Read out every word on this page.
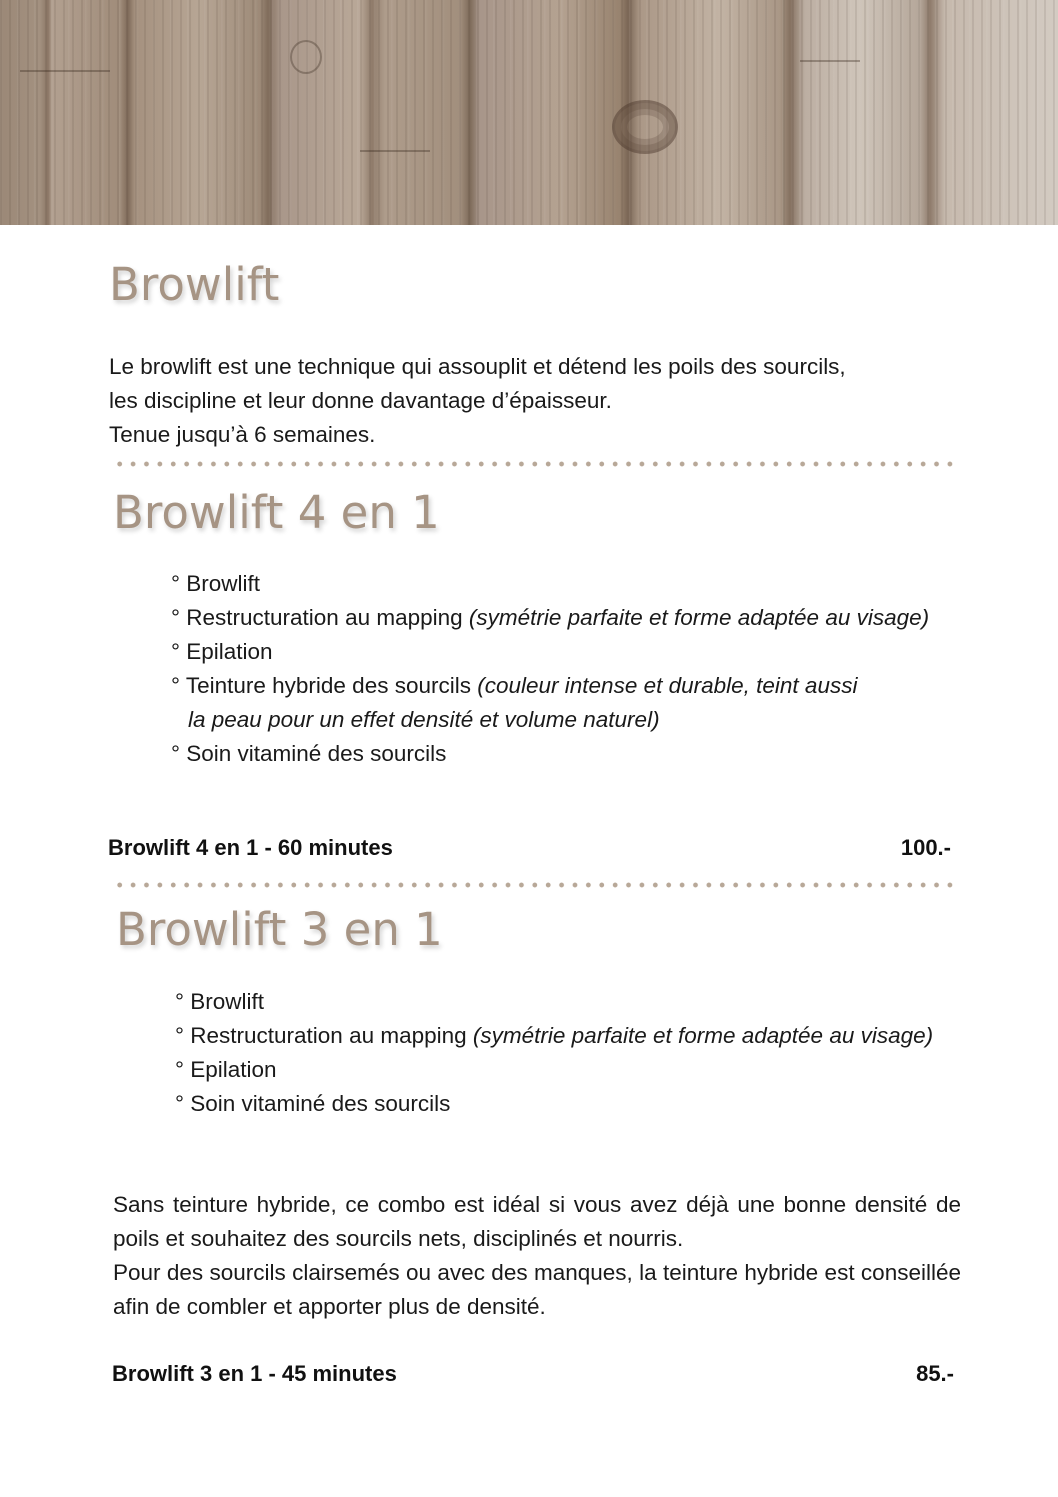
Browlift
Le browlift est une technique qui assouplit et détend les poils des sourcils,
les discipline et leur donne davantage d’épaisseur.
Tenue jusqu’à 6 semaines.
Browlift 4 en 1
° Browlift
° Restructuration au mapping (symétrie parfaite et forme adaptée au visage)
° Epilation
° Teinture hybride des sourcils (couleur intense et durable, teint aussi la peau pour un effet densité et volume naturel)
° Soin vitaminé des sourcils
Browlift 4 en 1 - 60 minutes	100.-
Browlift 3 en 1
° Browlift
° Restructuration au mapping (symétrie parfaite et forme adaptée au visage)
° Epilation
° Soin vitaminé des sourcils
Sans teinture hybride, ce combo est idéal si vous avez déjà une bonne densité de poils et souhaitez des sourcils nets, disciplinés et nourris.
Pour des sourcils clairsemés ou avec des manques, la teinture hybride est conseillée afin de combler et apporter plus de densité.
Browlift 3 en 1 - 45 minutes	85.-
